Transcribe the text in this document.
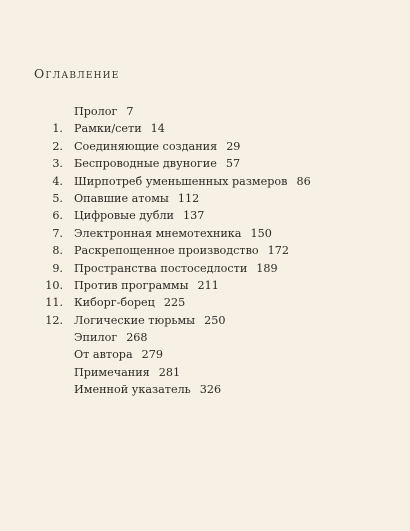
Оглавление
Пролог 7
1. Рамки/сети 14
2. Соединяющие создания 29
3. Беспроводные двуногие 57
4. Ширпотреб уменьшенных размеров 86
5. Опавшие атомы 112
6. Цифровые дубли 137
7. Электронная мнемотехника 150
8. Раскрепощенное производство 172
9. Пространства постоседлости 189
10. Против программы 211
11. Киборг-борец 225
12. Логические тюрьмы 250
Эпилог 268
От автора 279
Примечания 281
Именной указатель 326
